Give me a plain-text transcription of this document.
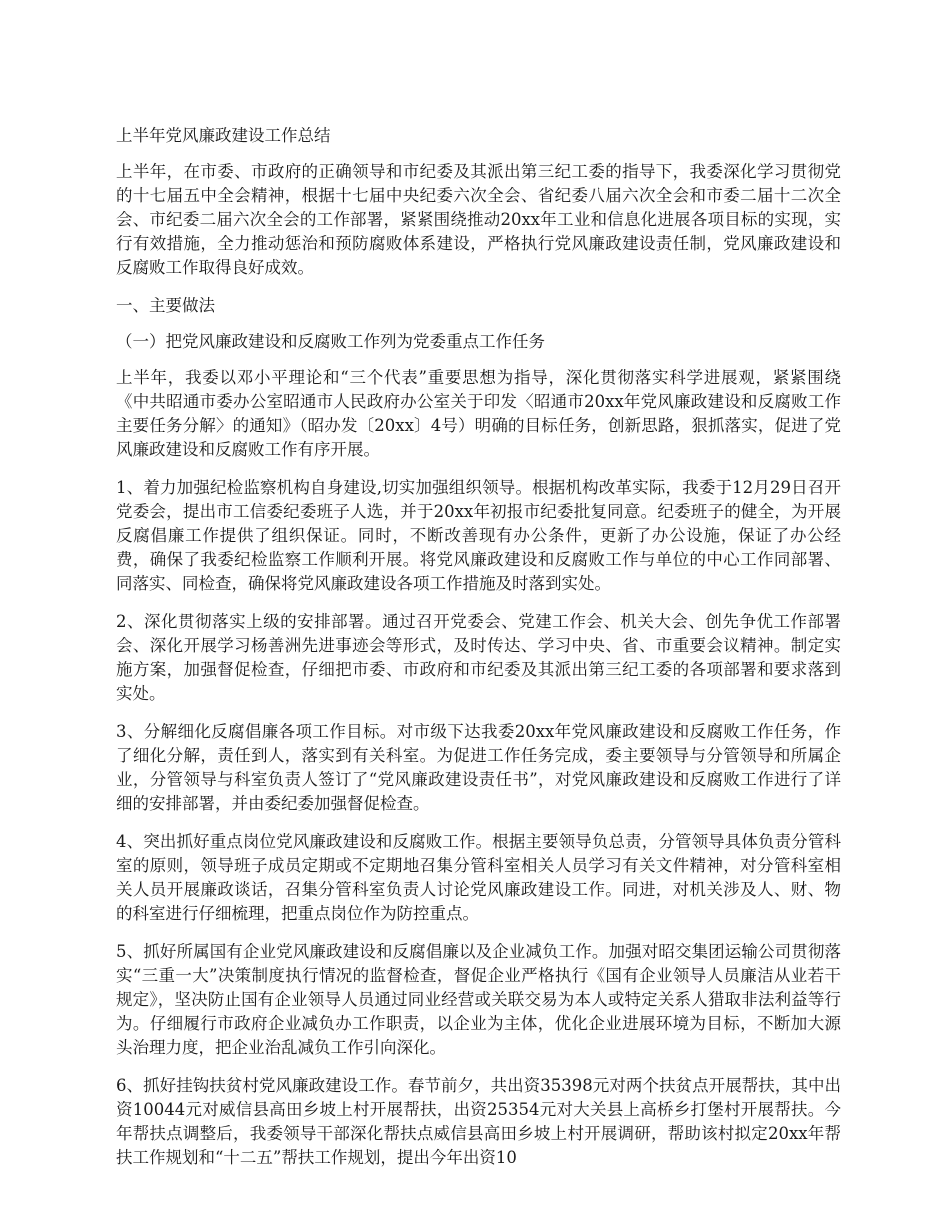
上半年党风廉政建设工作总结

上半年，在市委、市政府的正确领导和市纪委及其派出第三纪工委的指导下，我委深化学习贯彻党的十七届五中全会精神，根据十七届中央纪委六次全会、省纪委八届六次全会和市委二届十二次全会、市纪委二届六次全会的工作部署，紧紧围绕推动20xx年工业和信息化进展各项目标的实现，实行有效措施，全力推动惩治和预防腐败体系建设，严格执行党风廉政建设责任制，党风廉政建设和反腐败工作取得良好成效。

一、主要做法

（一）把党风廉政建设和反腐败工作列为党委重点工作任务

上半年，我委以邓小平理论和“三个代表”重要思想为指导，深化贯彻落实科学进展观，紧紧围绕《中共昭通市委办公室昭通市人民政府办公室关于印发〈昭通市20xx年党风廉政建设和反腐败工作主要任务分解〉的通知》（昭办发〔20xx〕4号）明确的目标任务，创新思路，狠抓落实，促进了党风廉政建设和反腐败工作有序开展。

1、着力加强纪检监察机构自身建设,切实加强组织领导。根据机构改革实际，我委于12月29日召开党委会，提出市工信委纪委班子人选，并于20xx年初报市纪委批复同意。纪委班子的健全，为开展反腐倡廉工作提供了组织保证。同时，不断改善现有办公条件，更新了办公设施，保证了办公经费，确保了我委纪检监察工作顺利开展。将党风廉政建设和反腐败工作与单位的中心工作同部署、同落实、同检查，确保将党风廉政建设各项工作措施及时落到实处。

2、深化贯彻落实上级的安排部署。通过召开党委会、党建工作会、机关大会、创先争优工作部署会、深化开展学习杨善洲先进事迹会等形式，及时传达、学习中央、省、市重要会议精神。制定实施方案，加强督促检查，仔细把市委、市政府和市纪委及其派出第三纪工委的各项部署和要求落到实处。

3、分解细化反腐倡廉各项工作目标。对市级下达我委20xx年党风廉政建设和反腐败工作任务，作了细化分解，责任到人，落实到有关科室。为促进工作任务完成，委主要领导与分管领导和所属企业，分管领导与科室负责人签订了“党风廉政建设责任书”，对党风廉政建设和反腐败工作进行了详细的安排部署，并由委纪委加强督促检查。

4、突出抓好重点岗位党风廉政建设和反腐败工作。根据主要领导负总责，分管领导具体负责分管科室的原则，领导班子成员定期或不定期地召集分管科室相关人员学习有关文件精神，对分管科室相关人员开展廉政谈话，召集分管科室负责人讨论党风廉政建设工作。同进，对机关涉及人、财、物的科室进行仔细梳理，把重点岗位作为防控重点。

5、抓好所属国有企业党风廉政建设和反腐倡廉以及企业减负工作。加强对昭交集团运输公司贯彻落实“三重一大”决策制度执行情况的监督检查，督促企业严格执行《国有企业领导人员廉洁从业若干规定》，坚决防止国有企业领导人员通过同业经营或关联交易为本人或特定关系人猎取非法利益等行为。仔细履行市政府企业减负办工作职责，以企业为主体，优化企业进展环境为目标，不断加大源头治理力度，把企业治乱减负工作引向深化。

6、抓好挂钩扶贫村党风廉政建设工作。春节前夕，共出资35398元对两个扶贫点开展帮扶，其中出资10044元对威信县高田乡坡上村开展帮扶，出资25354元对大关县上高桥乡打堡村开展帮扶。今年帮扶点调整后，我委领导干部深化帮扶点威信县高田乡坡上村开展调研，帮助该村拟定20xx年帮扶工作规划和“十二五”帮扶工作规划，提出今年出资10
